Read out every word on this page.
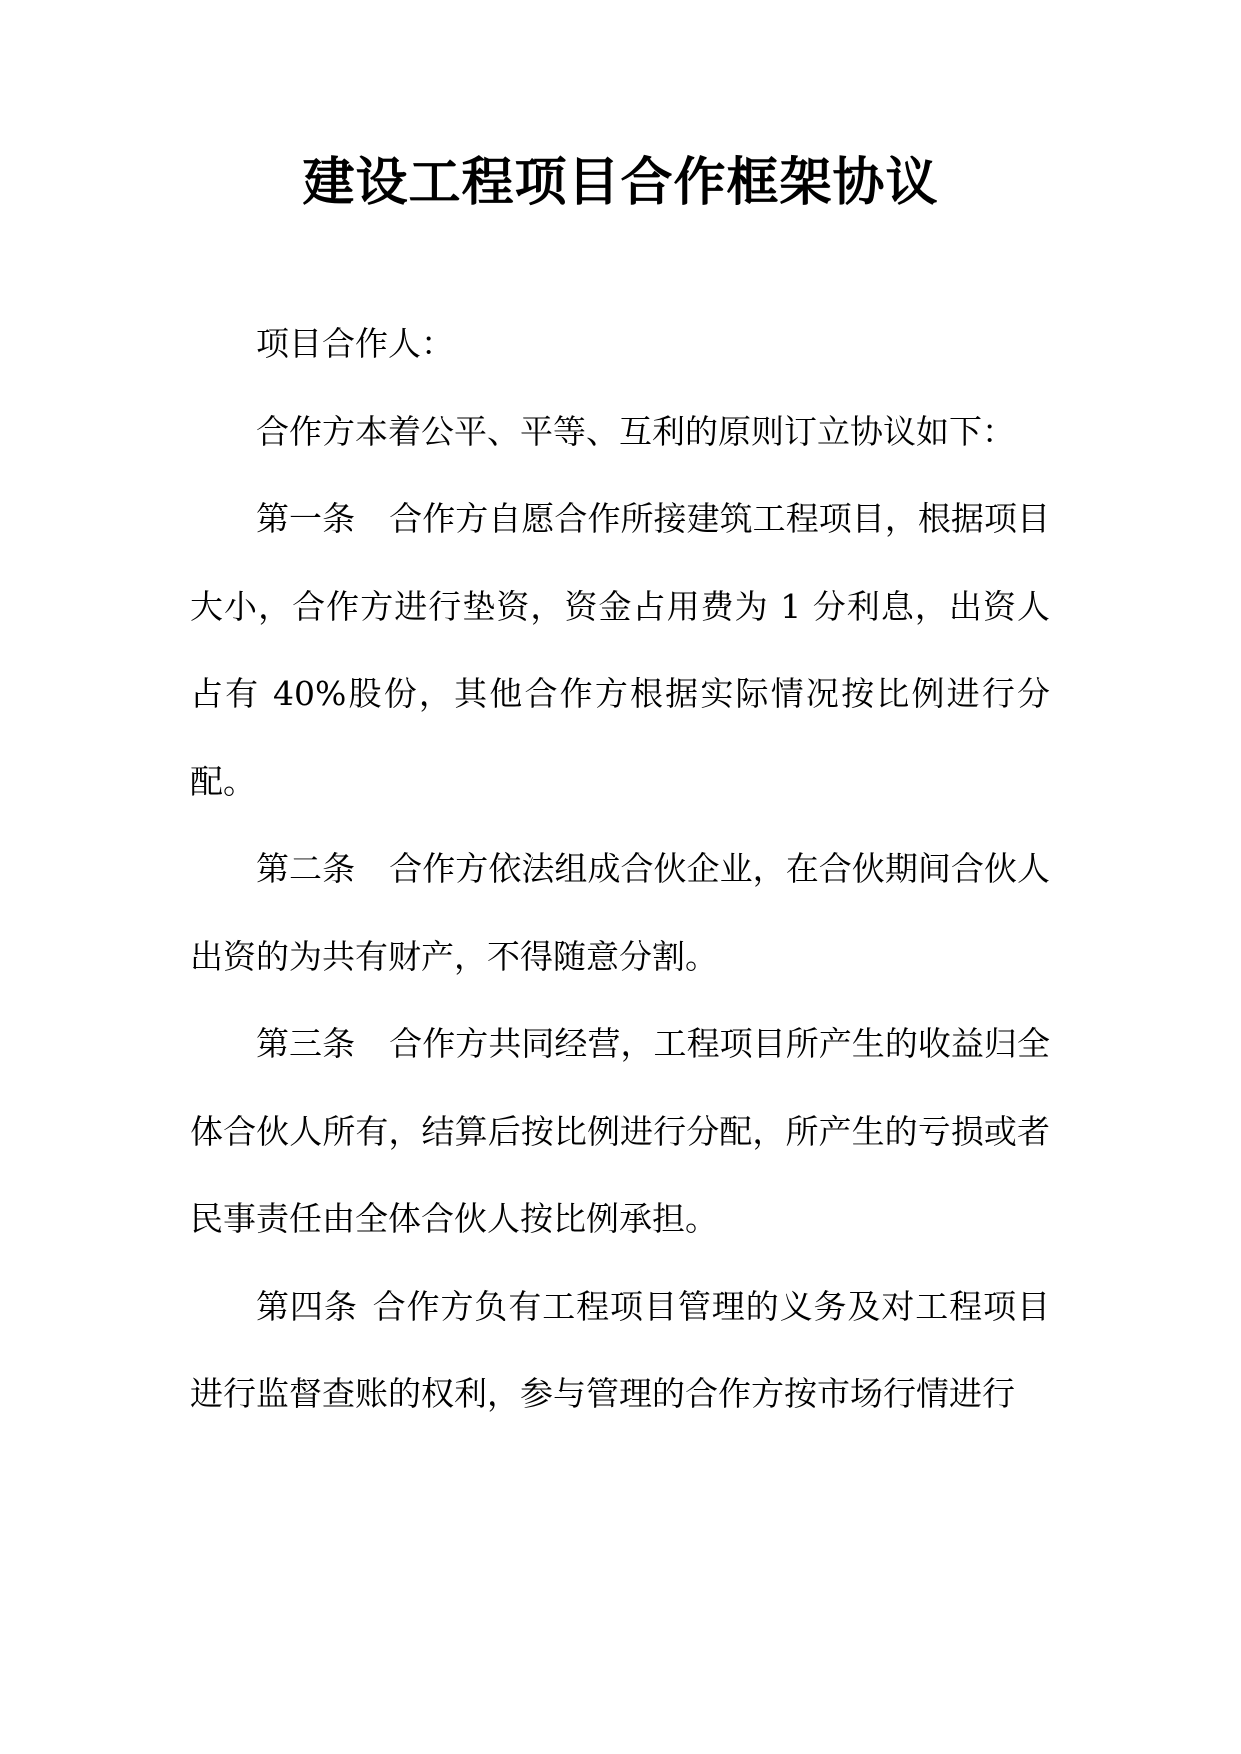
建设工程项目合作框架协议

项目合作人：

合作方本着公平、平等、互利的原则订立协议如下：

第一条 合作方自愿合作所接建筑工程项目，根据项目大小，合作方进行垫资，资金占用费为 1 分利息，出资人占有 40%股份，其他合作方根据实际情况按比例进行分配。

第二条 合作方依法组成合伙企业，在合伙期间合伙人出资的为共有财产，不得随意分割。

第三条 合作方共同经营，工程项目所产生的收益归全体合伙人所有，结算后按比例进行分配，所产生的亏损或者民事责任由全体合伙人按比例承担。

第四条 合作方负有工程项目管理的义务及对工程项目进行监督查账的权利，参与管理的合作方按市场行情进行
